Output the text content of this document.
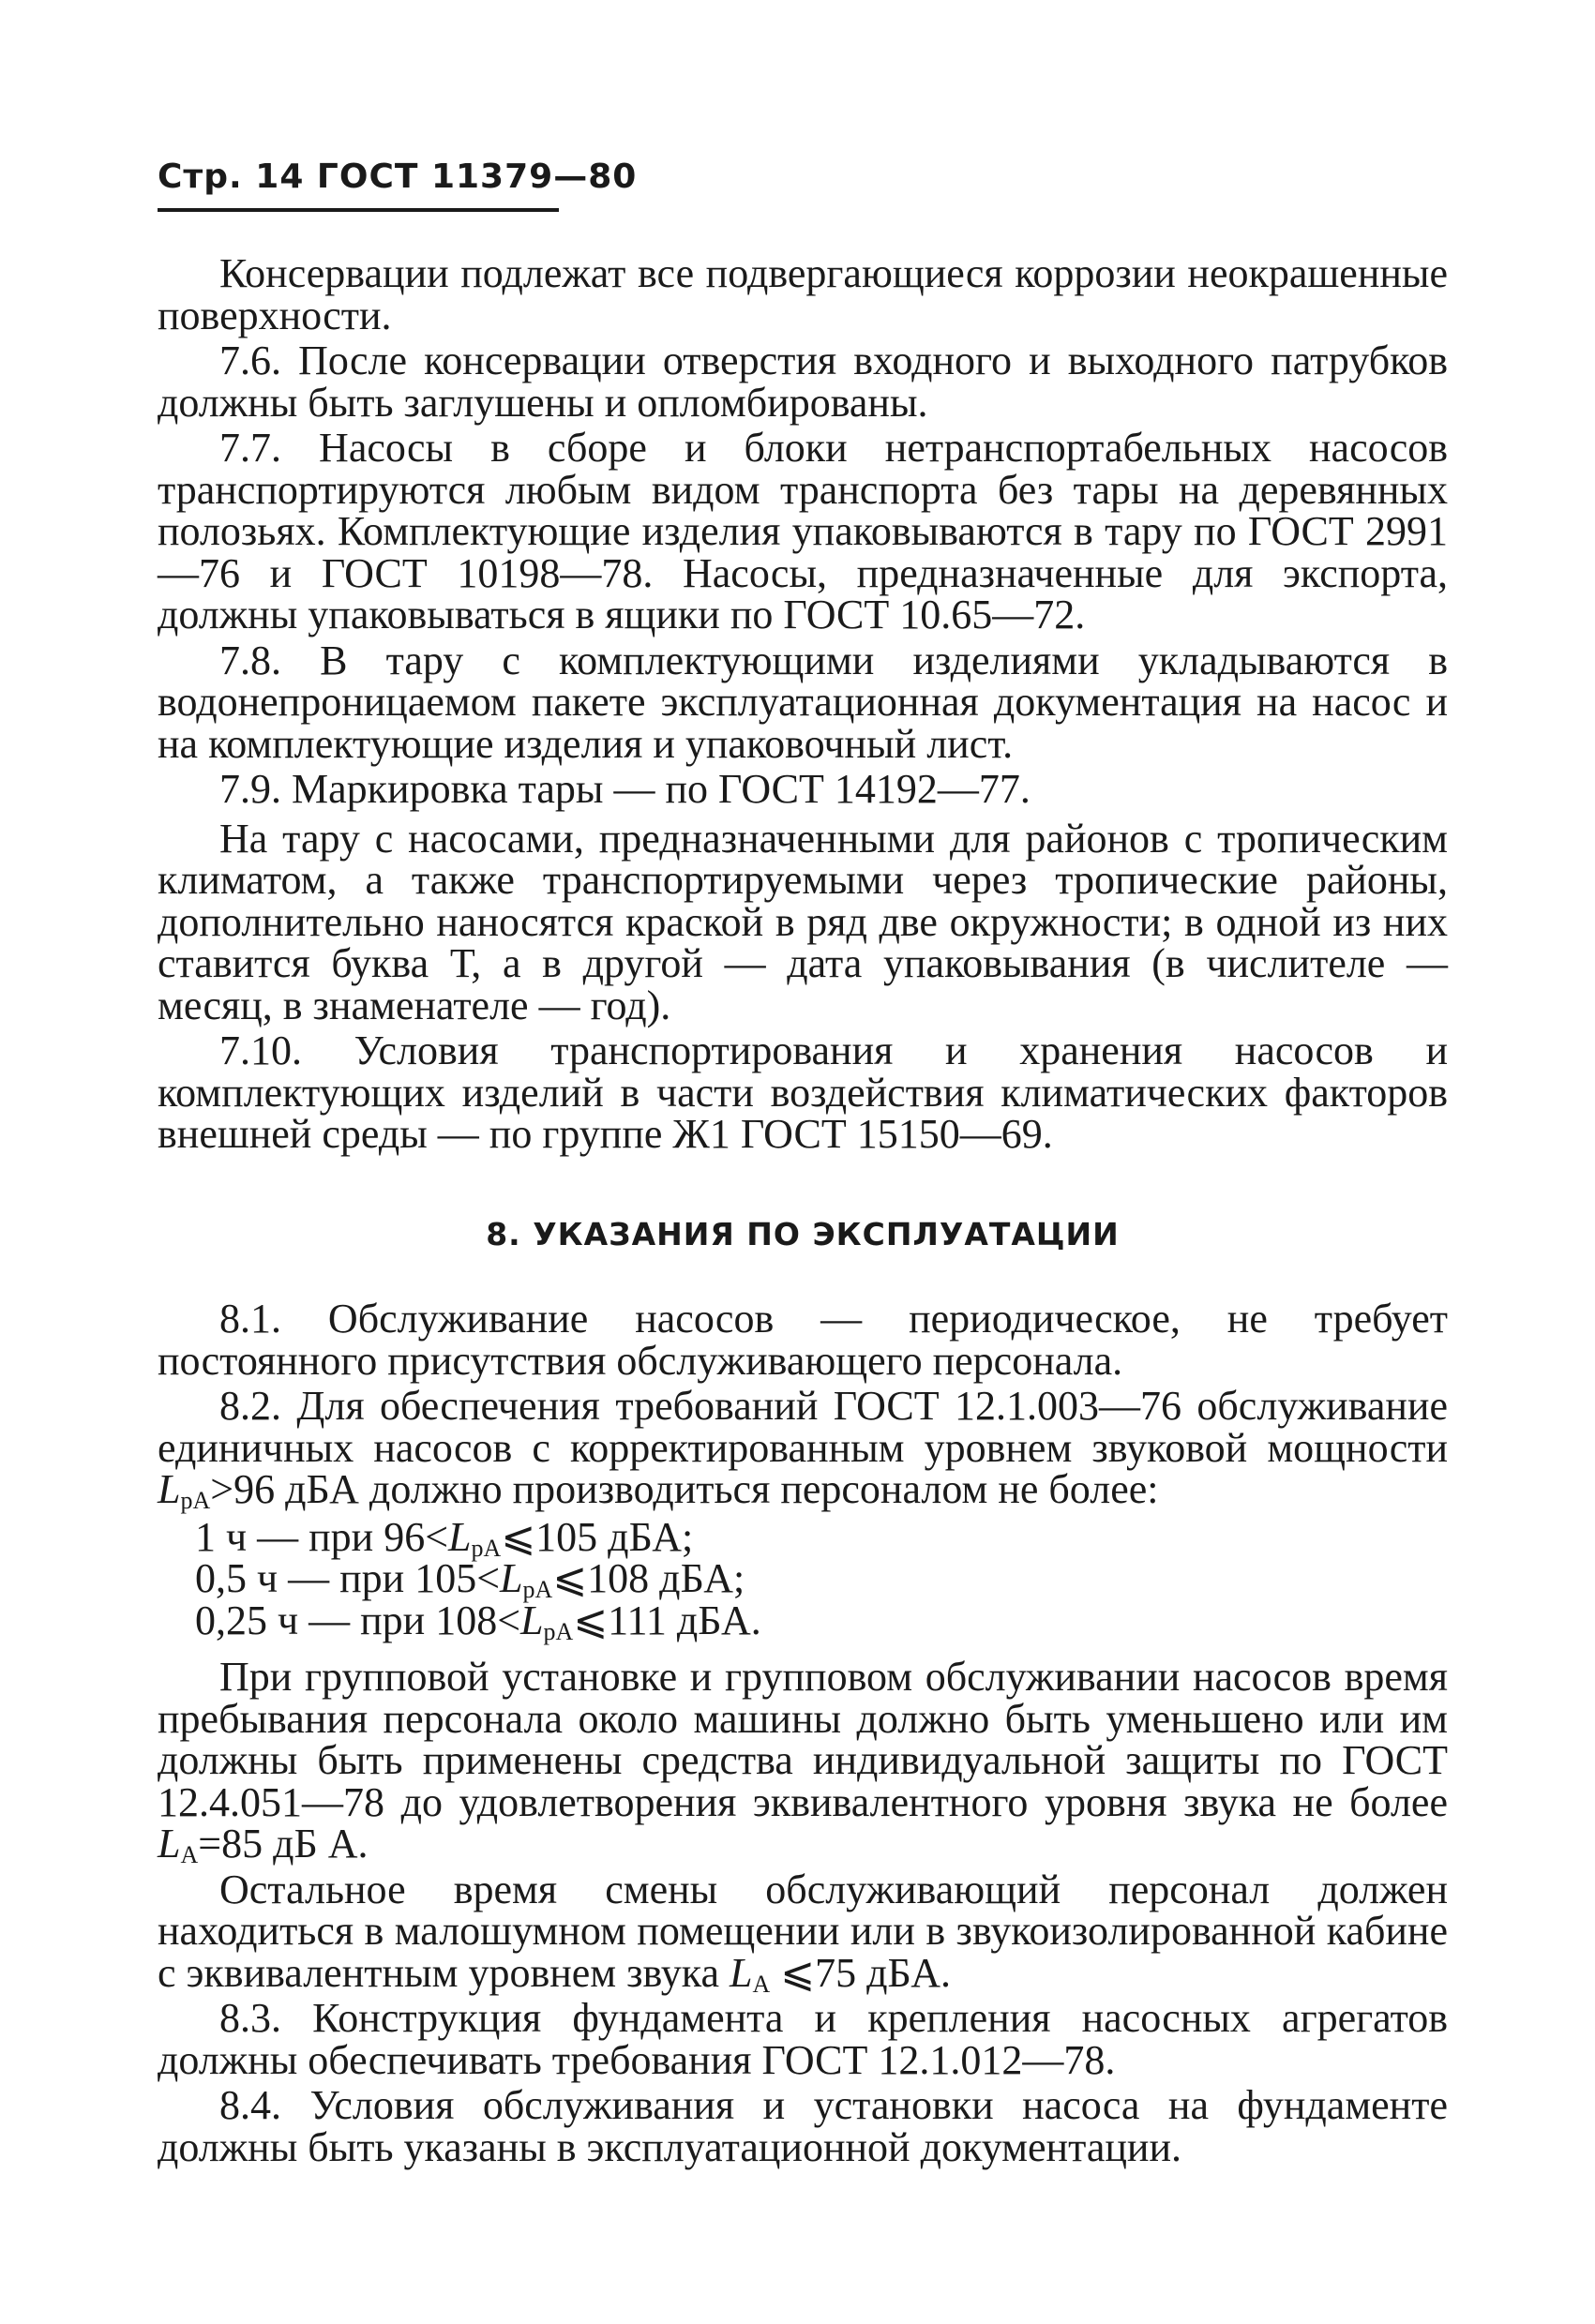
Стр. 14 ГОСТ 11379—80

Консервации подлежат все подвергающиеся коррозии неокрашенные поверхности.

7.6. После консервации отверстия входного и выходного патрубков должны быть заглушены и опломбированы.

7.7. Насосы в сборе и блоки нетранспортабельных насосов транспортируются любым видом транспорта без тары на деревянных полозьях. Комплектующие изделия упаковываются в тару по ГОСТ 2991—76 и ГОСТ 10198—78. Насосы, предназначенные для экспорта, должны упаковываться в ящики по ГОСТ 10.65—72.

7.8. В тару с комплектующими изделиями укладываются в водонепроницаемом пакете эксплуатационная документация на насос и на комплектующие изделия и упаковочный лист.

7.9. Маркировка тары — по ГОСТ 14192—77.

На тару с насосами, предназначенными для районов с тропическим климатом, а также транспортируемыми через тропические районы, дополнительно наносятся краской в ряд две окружности; в одной из них ставится буква Т, а в другой — дата упаковывания (в числителе — месяц, в знаменателе — год).

7.10. Условия транспортирования и хранения насосов и комплектующих изделий в части воздействия климатических факторов внешней среды — по группе Ж1 ГОСТ 15150—69.

8. УКАЗАНИЯ ПО ЭКСПЛУАТАЦИИ

8.1. Обслуживание насосов — периодическое, не требует постоянного присутствия обслуживающего персонала.

8.2. Для обеспечения требований ГОСТ 12.1.003—76 обслуживание единичных насосов с корректированным уровнем звуковой мощности $L_{pA}>96$ дБА должно производиться персоналом не более:

1 ч — при $96<L_{pA}⩽105$ дБА;
0,5 ч — при $105<L_{pA}⩽108$ дБА;
0,25 ч — при $108<L_{pA}⩽111$ дБА.

При групповой установке и групповом обслуживании насосов время пребывания персонала около машины должно быть уменьшено или им должны быть применены средства индивидуальной защиты по ГОСТ 12.4.051—78 до удовлетворения эквивалентного уровня звука не более $L_A=85$ дБ А.

Остальное время смены обслуживающий персонал должен находиться в малошумном помещении или в звукоизолированной кабине с эквивалентным уровнем звука $L_A$ ⩽75 дБА.

8.3. Конструкция фундамента и крепления насосных агрегатов должны обеспечивать требования ГОСТ 12.1.012—78.

8.4. Условия обслуживания и установки насоса на фундаменте должны быть указаны в эксплуатационной документации.
